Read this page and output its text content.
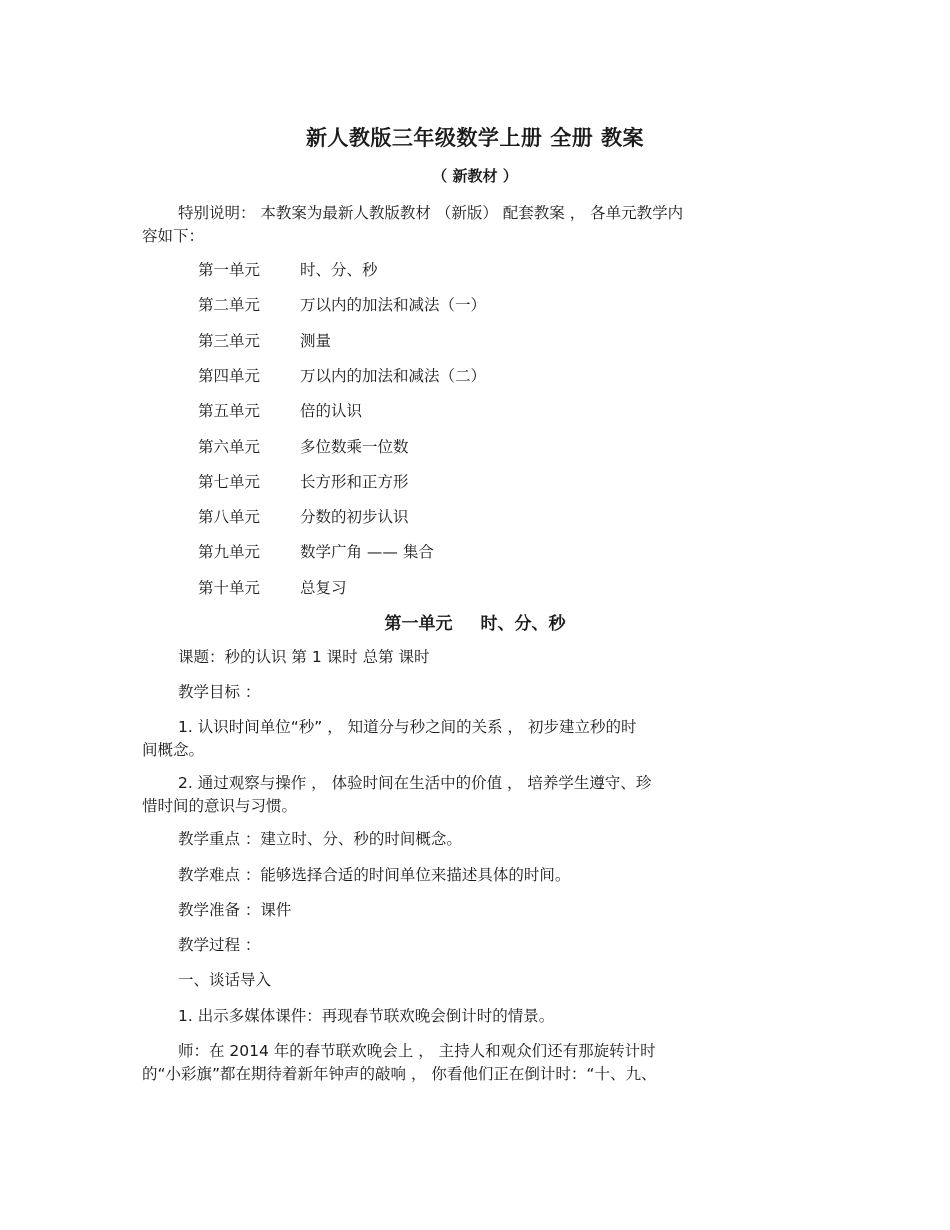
新人教版三年级数学上册 全册 教案
（ 新教材 ）
特别说明： 本教案为最新人教版教材 （新版） 配套教案 ， 各单元教学内
容如下：
第一单元	时、分、秒
第二单元	万以内的加法和减法（一）
第三单元	测量
第四单元	万以内的加法和减法（二）
第五单元	倍的认识
第六单元	多位数乘一位数
第七单元	长方形和正方形
第八单元	分数的初步认识
第九单元	数学广角 —— 集合
第十单元	总复习
第一单元 时、分、秒
课题：秒的认识 第 1 课时 总第 课时
教学目标 ：
1. 认识时间单位“秒” ， 知道分与秒之间的关系 ， 初步建立秒的时
间概念。
2. 通过观察与操作 ， 体验时间在生活中的价值 ， 培养学生遵守、珍
惜时间的意识与习惯。
教学重点 ：建立时、分、秒的时间概念。
教学难点 ：能够选择合适的时间单位来描述具体的时间。
教学准备 ：课件
教学过程 ：
一、谈话导入
1. 出示多媒体课件：再现春节联欢晚会倒计时的情景。
师：在 2014 年的春节联欢晚会上 ， 主持人和观众们还有那旋转计时
的“小彩旗”都在期待着新年钟声的敲响 ， 你看他们正在倒计时：“十、九、
